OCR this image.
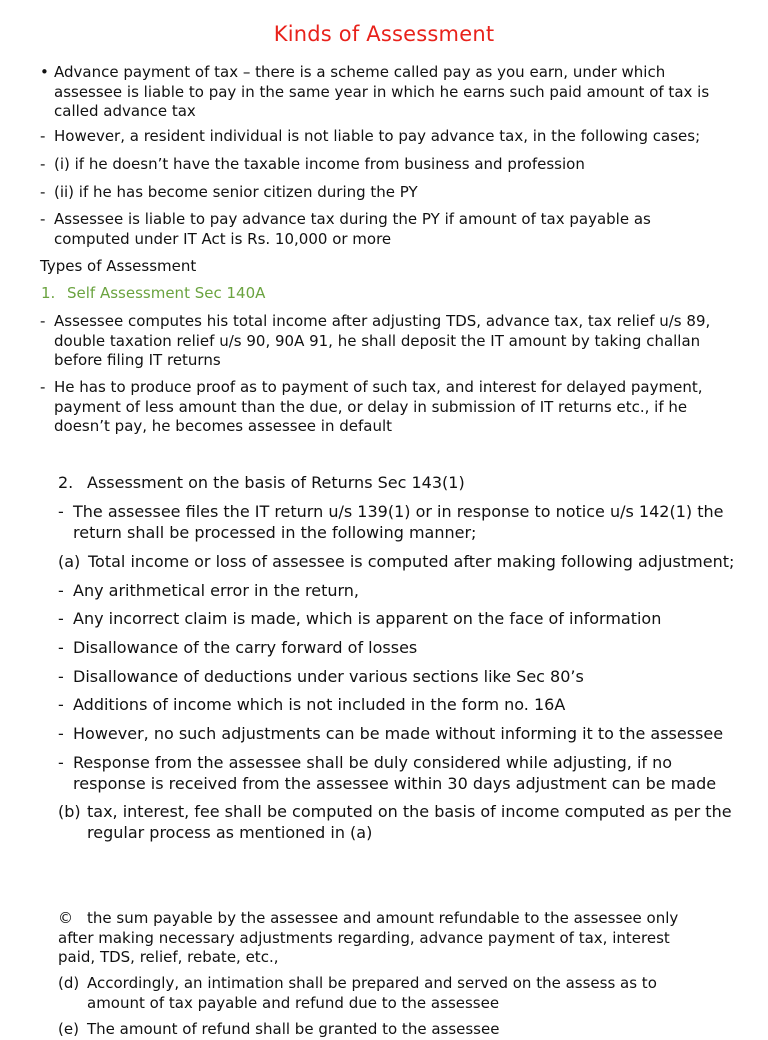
Kinds of Assessment
• Advance payment of tax – there is a scheme called pay as you earn, under which assessee is liable to pay in the same year in which he earns such paid amount of tax is called advance tax
- However, a resident individual is not liable to pay advance tax, in the following cases;
- (i) if he doesn’t have the taxable income from business and profession
- (ii) if he has become senior citizen during the PY
- Assessee is liable to pay advance tax during the PY if amount of tax payable as computed under IT Act is Rs. 10,000 or more
Types of Assessment
1. Self Assessment Sec 140A
- Assessee computes his total income after adjusting TDS, advance tax, tax relief u/s 89, double taxation relief u/s 90, 90A 91, he shall deposit the IT amount by taking challan before filing IT returns
- He has to produce proof as to payment of such tax, and interest for delayed payment, payment of less amount than the due, or delay in submission of IT returns etc., if he doesn’t pay, he becomes assessee in default
2. Assessment on the basis of Returns Sec 143(1)
- The assessee files the IT return u/s 139(1) or in response to notice u/s 142(1) the return shall be processed in the following manner;
(a) Total income or loss of assessee is computed after making following adjustment;
- Any arithmetical error in the return,
- Any incorrect claim is made, which is apparent on the face of information
- Disallowance of the carry forward of losses
- Disallowance of deductions under various sections like Sec 80’s
- Additions of income which is not included in the form no. 16A
- However, no such adjustments can be made without informing it to the assessee
- Response from the assessee shall be duly considered while adjusting, if no response is received from the assessee within 30 days adjustment can be made
(b) tax, interest, fee shall be computed on the basis of income computed as per the regular process as mentioned in (a)
© the sum payable by the assessee and amount refundable to the assessee only after making necessary adjustments regarding, advance payment of tax, interest paid, TDS, relief, rebate, etc.,
(d) Accordingly, an intimation shall be prepared and served on the assess as to amount of tax payable and refund due to the assessee
(e) The amount of refund shall be granted to the assessee
